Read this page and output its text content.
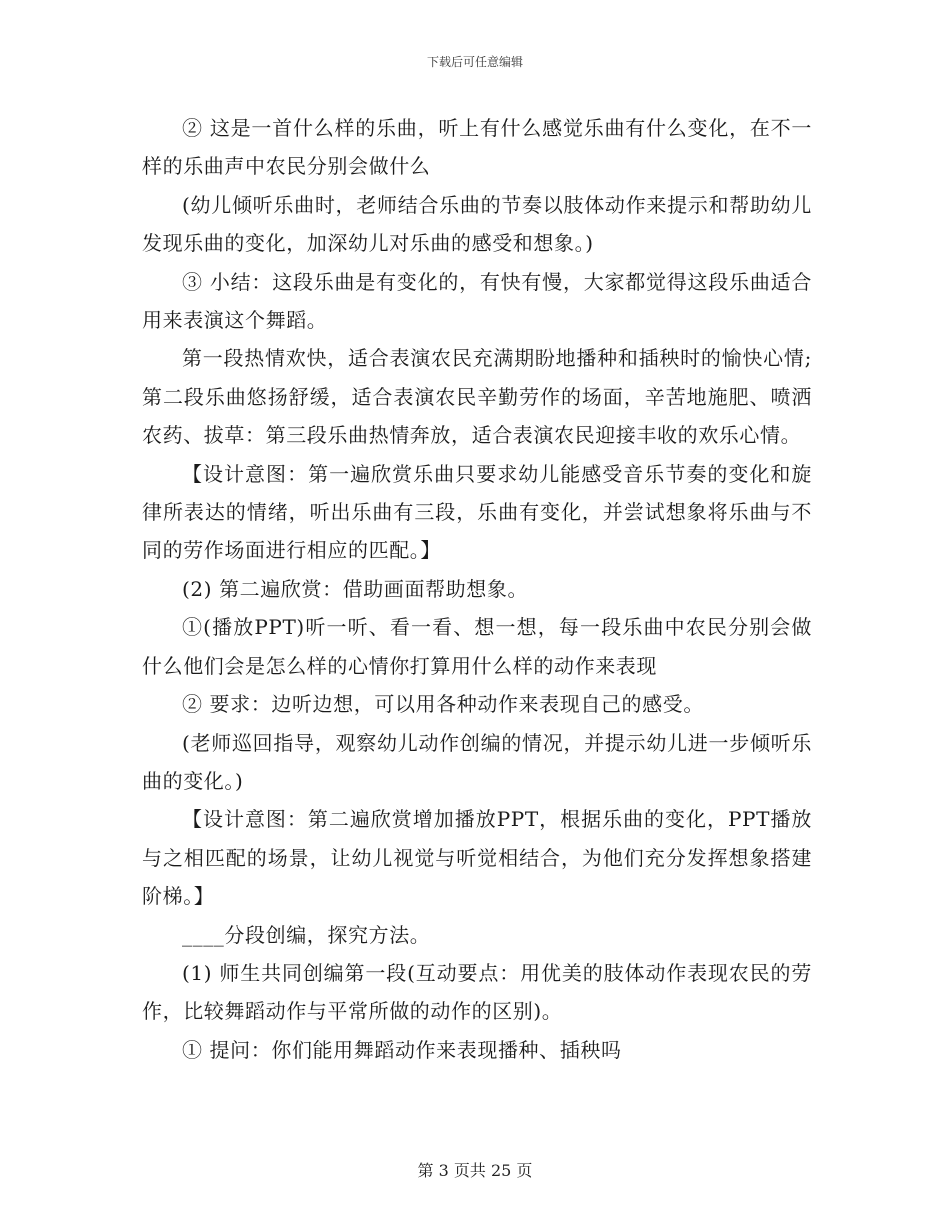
下载后可任意编辑

② 这是一首什么样的乐曲，听上有什么感觉乐曲有什么变化，在不一样的乐曲声中农民分别会做什么

(幼儿倾听乐曲时，老师结合乐曲的节奏以肢体动作来提示和帮助幼儿发现乐曲的变化，加深幼儿对乐曲的感受和想象。)

③ 小结：这段乐曲是有变化的，有快有慢，大家都觉得这段乐曲适合用来表演这个舞蹈。

第一段热情欢快，适合表演农民充满期盼地播种和插秧时的愉快心情;第二段乐曲悠扬舒缓，适合表演农民辛勤劳作的场面，辛苦地施肥、喷洒农药、拔草：第三段乐曲热情奔放，适合表演农民迎接丰收的欢乐心情。

【设计意图：第一遍欣赏乐曲只要求幼儿能感受音乐节奏的变化和旋律所表达的情绪，听出乐曲有三段，乐曲有变化，并尝试想象将乐曲与不同的劳作场面进行相应的匹配。】

(2) 第二遍欣赏：借助画面帮助想象。

①(播放PPT)听一听、看一看、想一想，每一段乐曲中农民分别会做什么他们会是怎么样的心情你打算用什么样的动作来表现

② 要求：边听边想，可以用各种动作来表现自己的感受。

(老师巡回指导，观察幼儿动作创编的情况，并提示幼儿进一步倾听乐曲的变化。)

【设计意图：第二遍欣赏增加播放PPT，根据乐曲的变化，PPT播放与之相匹配的场景，让幼儿视觉与听觉相结合，为他们充分发挥想象搭建阶梯。】

____分段创编，探究方法。

(1) 师生共同创编第一段(互动要点：用优美的肢体动作表现农民的劳作，比较舞蹈动作与平常所做的动作的区别)。

① 提问：你们能用舞蹈动作来表现播种、插秧吗

第 3 页共 25 页
